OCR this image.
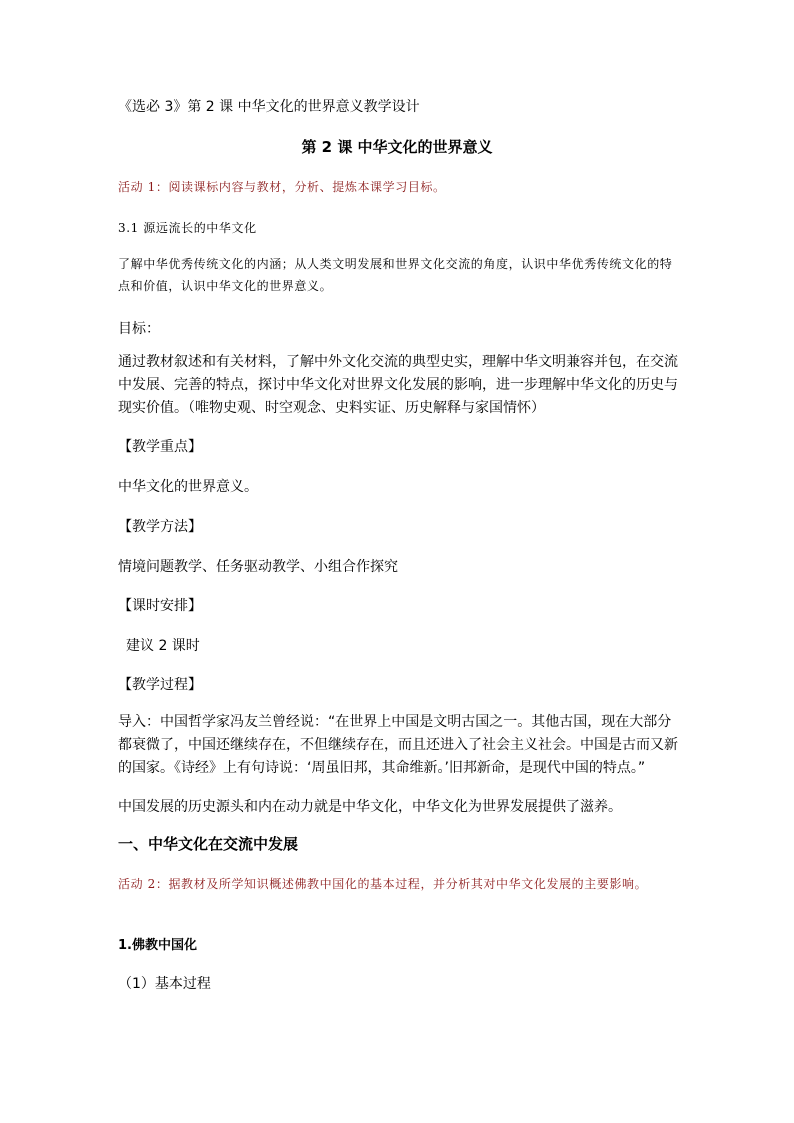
《选必 3》第 2 课 中华文化的世界意义教学设计

第 2 课 中华文化的世界意义

活动 1：阅读课标内容与教材，分析、提炼本课学习目标。

3.1 源远流长的中华文化

了解中华优秀传统文化的内涵；从人类文明发展和世界文化交流的角度，认识中华优秀传统文化的特点和价值，认识中华文化的世界意义。

目标：

通过教材叙述和有关材料，了解中外文化交流的典型史实，理解中华文明兼容并包，在交流中发展、完善的特点，探讨中华文化对世界文化发展的影响，进一步理解中华文化的历史与现实价值。（唯物史观、时空观念、史料实证、历史解释与家国情怀）

【教学重点】

中华文化的世界意义。

【教学方法】

情境问题教学、任务驱动教学、小组合作探究

【课时安排】

建议 2 课时

【教学过程】

导入：中国哲学家冯友兰曾经说：“在世界上中国是文明古国之一。其他古国，现在大部分都衰微了，中国还继续存在，不但继续存在，而且还进入了社会主义社会。中国是古而又新的国家。《诗经》上有句诗说：‘周虽旧邦，其命维新。’旧邦新命，是现代中国的特点。”

中国发展的历史源头和内在动力就是中华文化，中华文化为世界发展提供了滋养。

一、中华文化在交流中发展

活动 2：据教材及所学知识概述佛教中国化的基本过程，并分析其对中华文化发展的主要影响。

1.佛教中国化

（1）基本过程
